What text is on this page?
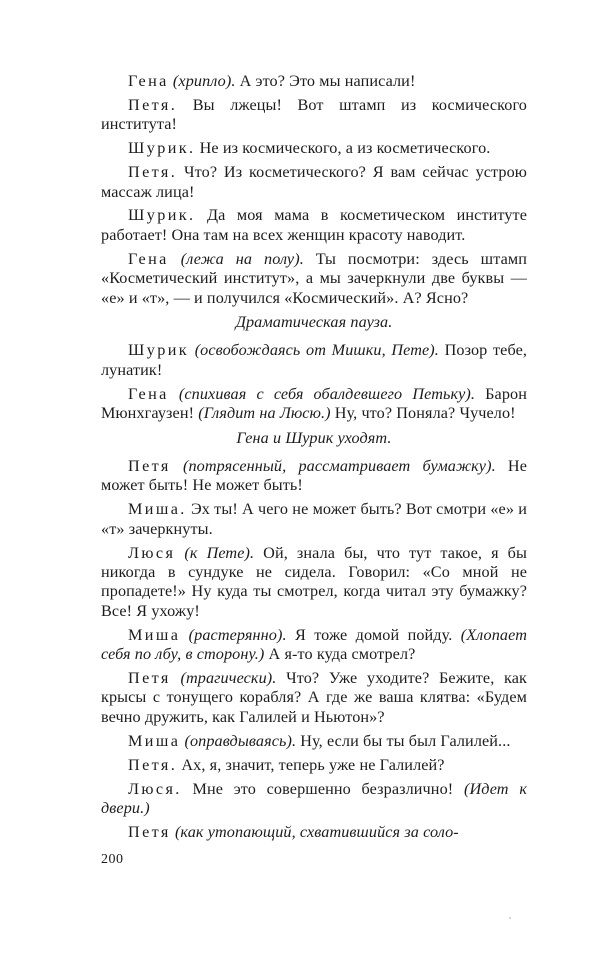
Гена (хрипло). А это? Это мы написали!

Петя. Вы лжецы! Вот штамп из космического института!

Шурик. Не из космического, а из косметического.

Петя. Что? Из косметического? Я вам сейчас устрою массаж лица!

Шурик. Да моя мама в косметическом институте работает! Она там на всех женщин красоту наводит.

Гена (лежа на полу). Ты посмотри: здесь штамп «Косметический институт», а мы зачеркнули две буквы — «е» и «т», — и получился «Космический». А? Ясно?

Драматическая пауза.

Шурик (освобождаясь от Мишки, Пете). Позор тебе, лунатик!

Гена (спихивая с себя обалдевшего Петьку). Барон Мюнхгаузен! (Глядит на Люсю.) Ну, что? Поняла? Чучело!

Гена и Шурик уходят.

Петя (потрясенный, рассматривает бумажку). Не может быть! Не может быть!

Миша. Эх ты! А чего не может быть? Вот смотри «е» и «т» зачеркнуты.

Люся (к Пете). Ой, знала бы, что тут такое, я бы никогда в сундуке не сидела. Говорил: «Со мной не пропадете!» Ну куда ты смотрел, когда читал эту бумажку? Все! Я ухожу!

Миша (растерянно). Я тоже домой пойду. (Хлопает себя по лбу, в сторону.) А я-то куда смотрел?

Петя (трагически). Что? Уже уходите? Бежите, как крысы с тонущего корабля? А где же ваша клятва: «Будем вечно дружить, как Галилей и Ньютон»?

Миша (оправдываясь). Ну, если бы ты был Галилей...

Петя. Ах, я, значит, теперь уже не Галилей?

Люся. Мне это совершенно безразлично! (Идет к двери.)

Петя (как утопающий, схватившийся за соло-

200
